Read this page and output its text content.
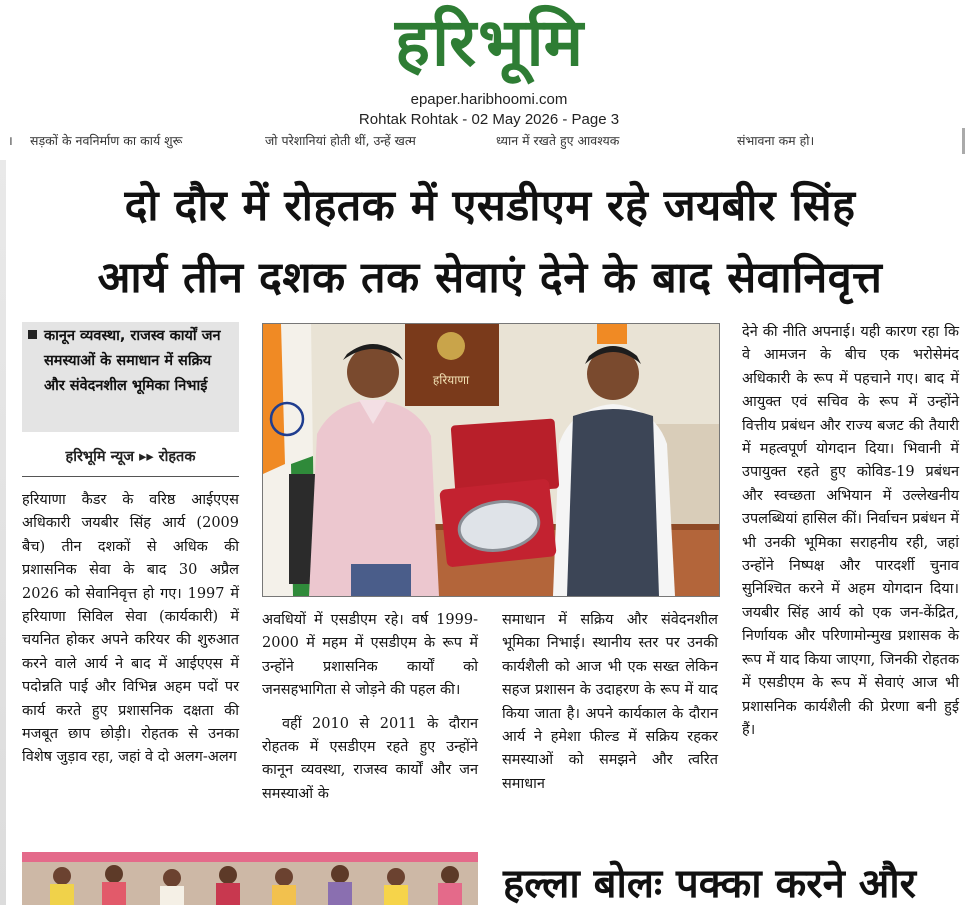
हरिभूमि
epaper.haribhoomi.com
Rohtak Rohtak - 02 May 2026 - Page 3
। सड़कों के नवनिर्माण का कार्य शुरू	जो परेशानियां होती थीं, उन्हें खत्म	ध्यान में रखते हुए आवश्यक	संभावना कम हो।
दो दौर में रोहतक में एसडीएम रहे जयबीर सिंह
आर्य तीन दशक तक सेवाएं देने के बाद सेवानिवृत्त
कानून व्यवस्था, राजस्व कार्यों जन समस्याओं के समाधान में सक्रिय और संवेदनशील भूमिका निभाई
हरिभूमि न्यूज ▸▸ रोहतक

हरियाणा कैडर के वरिष्ठ आईएएस अधिकारी जयबीर सिंह आर्य (2009 बैच) तीन दशकों से अधिक की प्रशासनिक सेवा के बाद 30 अप्रैल 2026 को सेवानिवृत्त हो गए। 1997 में हरियाणा सिविल सेवा (कार्यकारी) में चयनित होकर अपने करियर की शुरुआत करने वाले आर्य ने बाद में आईएएस में पदोन्नति पाई और विभिन्न अहम पदों पर कार्य करते हुए प्रशासनिक दक्षता की मजबूत छाप छोड़ी। रोहतक से उनका विशेष जुड़ाव रहा, जहां वे दो अलग-अलग

हरियाणा

अवधियों में एसडीएम रहे। वर्ष 1999-2000 में महम में एसडीएम के रूप में उन्होंने प्रशासनिक कार्यों को जनसहभागिता से जोड़ने की पहल की।

वहीं 2010 से 2011 के दौरान रोहतक में एसडीएम रहते हुए उन्होंने कानून व्यवस्था, राजस्व कार्यों और जन समस्याओं के

समाधान में सक्रिय और संवेदनशील भूमिका निभाई। स्थानीय स्तर पर उनकी कार्यशैली को आज भी एक सख्त लेकिन सहज प्रशासन के उदाहरण के रूप में याद किया जाता है। अपने कार्यकाल के दौरान आर्य ने हमेशा फील्ड में सक्रिय रहकर समस्याओं को समझने और त्वरित समाधान

देने की नीति अपनाई। यही कारण रहा कि वे आमजन के बीच एक भरोसेमंद अधिकारी के रूप में पहचाने गए। बाद में आयुक्त एवं सचिव के रूप में उन्होंने वित्तीय प्रबंधन और राज्य बजट की तैयारी में महत्वपूर्ण योगदान दिया। भिवानी में उपायुक्त रहते हुए कोविड-19 प्रबंधन और स्वच्छता अभियान में उल्लेखनीय उपलब्धियां हासिल कीं। निर्वाचन प्रबंधन में भी उनकी भूमिका सराहनीय रही, जहां उन्होंने निष्पक्ष और पारदर्शी चुनाव सुनिश्चित करने में अहम योगदान दिया। जयबीर सिंह आर्य को एक जन-केंद्रित, निर्णायक और परिणामोन्मुख प्रशासक के रूप में याद किया जाएगा, जिनकी रोहतक में एसडीएम के रूप में सेवाएं आज भी प्रशासनिक कार्यशैली की प्रेरणा बनी हुई हैं।

हल्ला बोलः पक्का करने और
